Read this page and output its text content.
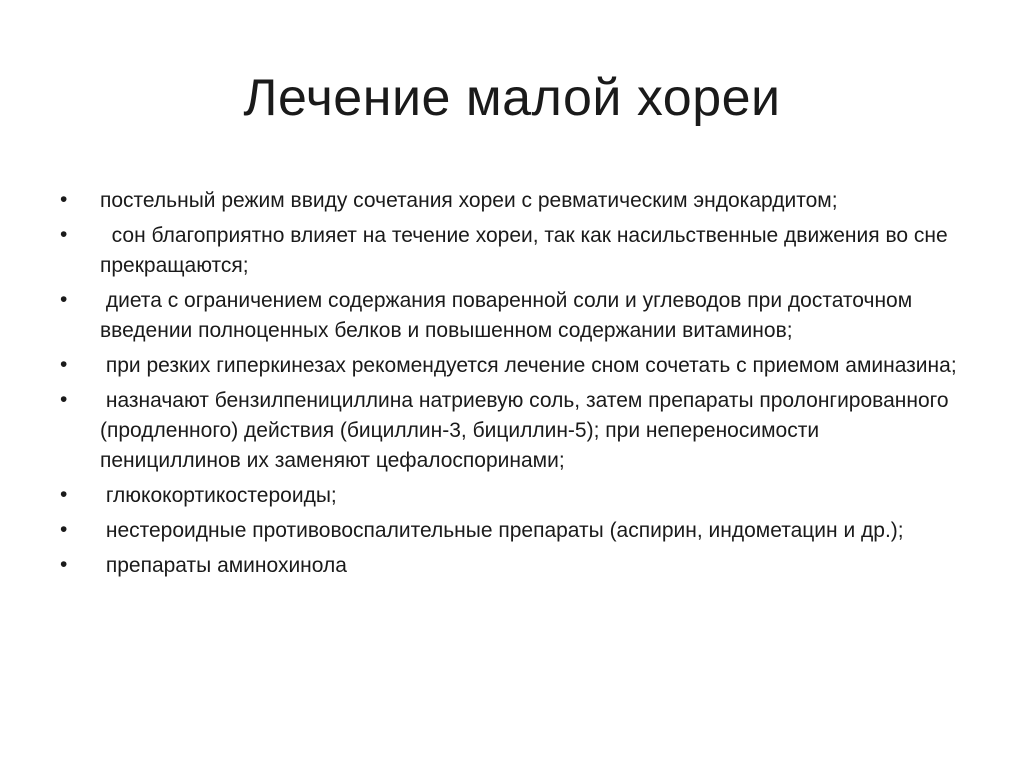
Лечение малой хореи
• постельный режим ввиду сочетания хореи с ревматическим эндокардитом;
• сон благоприятно влияет на течение хореи, так как насильственные движения во сне прекращаются;
• диета с ограничением содержания поваренной соли и углеводов при достаточном введении полноценных белков и повышенном содержании витаминов;
• при резких гиперкинезах рекомендуется лечение сном сочетать с приемом аминазина;
• назначают бензилпенициллина натриевую соль, затем препараты пролонгированного (продленного) действия (бициллин-3, бициллин-5); при непереносимости пенициллинов их заменяют цефалоспоринами;
• глюкокортикостероиды;
• нестероидные противовоспалительные препараты (аспирин, индометацин и др.);
• препараты аминохинола
